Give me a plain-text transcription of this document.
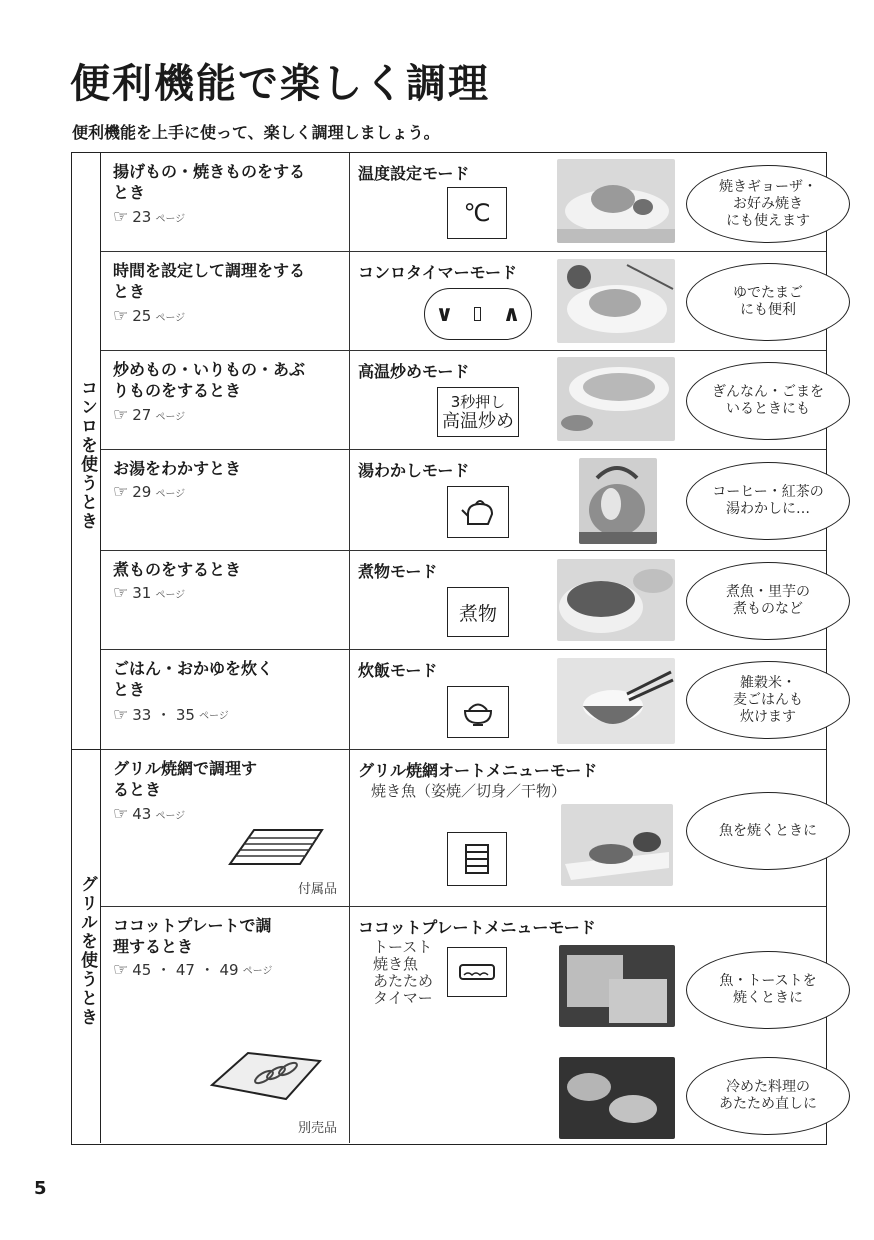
便利機能で楽しく調理
便利機能を上手に使って、楽しく調理しましょう。
コンロを使うとき
グリルを使うとき
揚げもの・焼きものをするとき
☞ 23 ページ
温度設定モード
℃
焼きギョーザ・
お好み焼き
にも使えます
時間を設定して調理をするとき
☞ 25 ページ
コンロタイマーモード
∨ ∧
ゆでたまご
にも便利
炒めもの・いりもの・あぶりものをするとき
☞ 27 ページ
高温炒めモード
3秒押し
高温炒め
ぎんなん・ごまを
いるときにも
お湯をわかすとき
☞ 29 ページ
湯わかしモード
コーヒー・紅茶の
湯わかしに…
煮ものをするとき
☞ 31 ページ
煮物モード
煮物
煮魚・里芋の
煮ものなど
ごはん・おかゆを炊くとき
☞ 33 ・ 35 ページ
炊飯モード
雑穀米・
麦ごはんも
炊けます
グリル焼網で調理するとき
☞ 43 ページ
付属品
グリル焼網オートメニューモード
焼き魚（姿焼／切身／干物）
魚を焼くときに
ココットプレートで調理するとき
☞ 45 ・ 47 ・ 49 ページ
別売品
ココットプレートメニューモード
トースト
焼き魚
あたため
タイマー
魚・トーストを
焼くときに
冷めた料理の
あたため直しに
5
